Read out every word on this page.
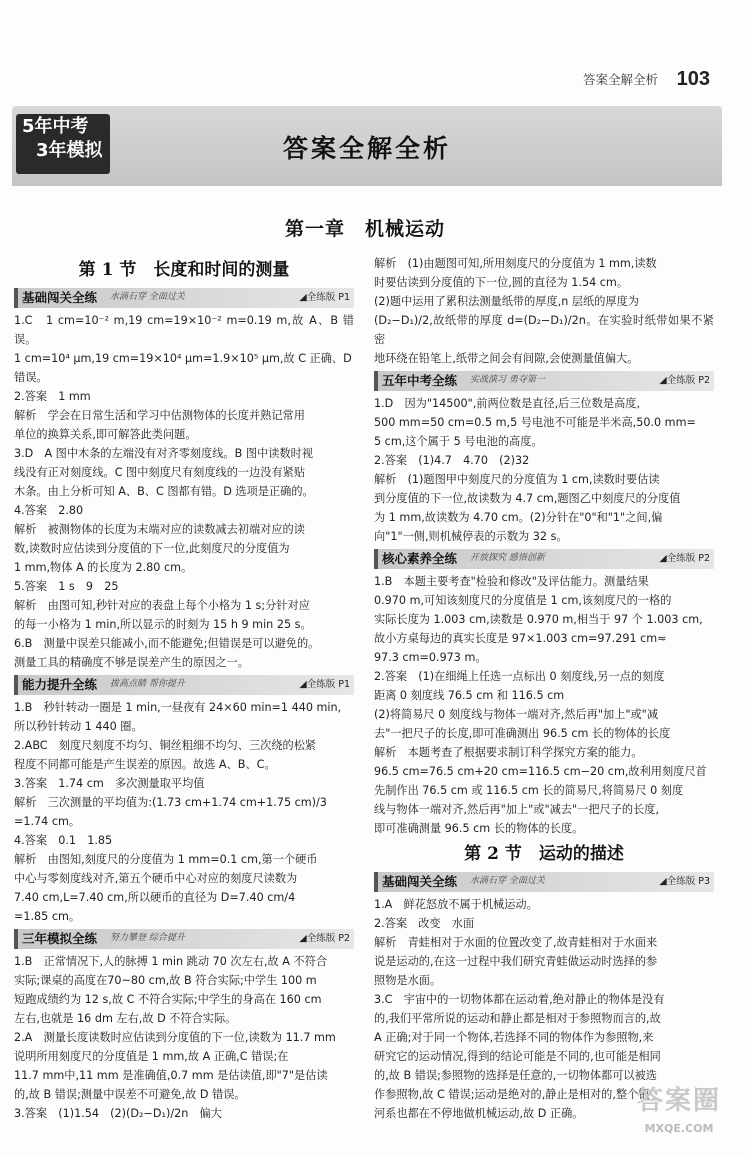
答案全解全析 103
5年中考
3年模拟	答案全解全析
第一章　机械运动
第 1 节　长度和时间的测量
基础闯关全练 水滴石穿 全面过关	◢全练版 P1

1.C　1 cm=10⁻² m,19 cm=19×10⁻² m=0.19 m,故 A、B 错误。

1 cm=10⁴ μm,19 cm=19×10⁴ μm=1.9×10⁵ μm,故 C 正确、D

错误。

2.答案　1 mm

解析　学会在日常生活和学习中估测物体的长度并熟记常用

单位的换算关系,即可解答此类问题。

3.D　A 图中木条的左端没有对齐零刻度线。B 图中读数时视

线没有正对刻度线。C 图中刻度尺有刻度线的一边没有紧贴

木条。由上分析可知 A、B、C 图都有错。D 选项是正确的。

4.答案　2.80

解析　被测物体的长度为末端对应的读数减去初端对应的读

数,读数时应估读到分度值的下一位,此刻度尺的分度值为

1 mm,物体 A 的长度为 2.80 cm。

5.答案　1 s　9　25

解析　由图可知,秒针对应的表盘上每个小格为 1 s;分针对应

的每一小格为 1 min,所以显示的时刻为 15 h 9 min 25 s。

6.B　测量中误差只能减小,而不能避免;但错误是可以避免的。

测量工具的精确度不够是误差产生的原因之一。

能力提升全练 拔高点睛 帮你提升	◢全练版 P1

1.B　秒针转动一圈是 1 min,一昼夜有 24×60 min=1 440 min,

所以秒针转动 1 440 圈。

2.ABC　刻度尺刻度不均匀、铜丝粗细不均匀、三次绕的松紧

程度不同都可能是产生误差的原因。故选 A、B、C。

3.答案　1.74 cm　多次测量取平均值

解析　三次测量的平均值为:(1.73 cm+1.74 cm+1.75 cm)/3

=1.74 cm。

4.答案　0.1　1.85

解析　由图知,刻度尺的分度值为 1 mm=0.1 cm,第一个硬币

中心与零刻度线对齐,第五个硬币中心对应的刻度尺读数为

7.40 cm,L=7.40 cm,所以硬币的直径为 D=7.40 cm/4

=1.85 cm。

三年模拟全练 努力攀登 综合提升	◢全练版 P2

1.B　正常情况下,人的脉搏 1 min 跳动 70 次左右,故 A 不符合

实际;课桌的高度在70~80 cm,故 B 符合实际;中学生 100 m

短跑成绩约为 12 s,故 C 不符合实际;中学生的身高在 160 cm

左右,也就是 16 dm 左右,故 D 不符合实际。

2.A　测量长度读数时应估读到分度值的下一位,读数为 11.7 mm

说明所用刻度尺的分度值是 1 mm,故 A 正确,C 错误;在

11.7 mm中,11 mm 是准确值,0.7 mm 是估读值,即"7"是估读

的,故 B 错误;测量中误差不可避免,故 D 错误。

3.答案　(1)1.54　(2)(D₂−D₁)/2n　偏大

解析　(1)由题图可知,所用刻度尺的分度值为 1 mm,读数

时要估读到分度值的下一位,圆的直径为 1.54 cm。

(2)题中运用了累积法测量纸带的厚度,n 层纸的厚度为

(D₂−D₁)/2,故纸带的厚度 d=(D₂−D₁)/2n。在实验时纸带如果不紧密

地环绕在铅笔上,纸带之间会有间隙,会使测量值偏大。

五年中考全练 实战演习 勇夺第一	◢全练版 P2

1.D　因为"14500",前两位数是直径,后三位数是高度,

500 mm=50 cm=0.5 m,5 号电池不可能是半米高,50.0 mm=

5 cm,这个属于 5 号电池的高度。

2.答案　(1)4.7　4.70　(2)32

解析　(1)题图甲中刻度尺的分度值为 1 cm,读数时要估读

到分度值的下一位,故读数为 4.7 cm,题图乙中刻度尺的分度值

为 1 mm,故读数为 4.70 cm。(2)分针在"0"和"1"之间,偏

向"1"一侧,则机械停表的示数为 32 s。

核心素养全练 开放探究 感悟创新	◢全练版 P2

1.B　本题主要考查"检验和修改"及评估能力。测量结果

0.970 m,可知该刻度尺的分度值是 1 cm,该刻度尺的一格的

实际长度为 1.003 cm,读数是 0.970 m,相当于 97 个 1.003 cm,

故小方桌每边的真实长度是 97×1.003 cm=97.291 cm≈

97.3 cm=0.973 m。

2.答案　(1)在细绳上任选一点标出 0 刻度线,另一点的刻度

距离 0 刻度线 76.5 cm 和 116.5 cm

(2)将简易尺 0 刻度线与物体一端对齐,然后再"加上"或"减

去"一把尺子的长度,即可准确测出 96.5 cm 长的物体的长度

解析　本题考查了根据要求制订科学探究方案的能力。

96.5 cm=76.5 cm+20 cm=116.5 cm−20 cm,故利用刻度尺首

先制作出 76.5 cm 或 116.5 cm 长的简易尺,将简易尺 0 刻度

线与物体一端对齐,然后再"加上"或"减去"一把尺子的长度,

即可准确测量 96.5 cm 长的物体的长度。

第 2 节　运动的描述
基础闯关全练 水滴石穿 全面过关	◢全练版 P3

1.A　鲜花怒放不属于机械运动。

2.答案　改变　水面

解析　青蛙相对于水面的位置改变了,故青蛙相对于水面来

说是运动的,在这一过程中我们研究青蛙做运动时选择的参

照物是水面。

3.C　宇宙中的一切物体都在运动着,绝对静止的物体是没有

的,我们平常所说的运动和静止都是相对于参照物而言的,故

A 正确;对于同一个物体,若选择不同的物体作为参照物,来

研究它的运动情况,得到的结论可能是不同的,也可能是相同

的,故 B 错误;参照物的选择是任意的,一切物体都可以被选

作参照物,故 C 错误;运动是绝对的,静止是相对的,整个银

河系也都在不停地做机械运动,故 D 正确。	答案圈
MXQE.COM
